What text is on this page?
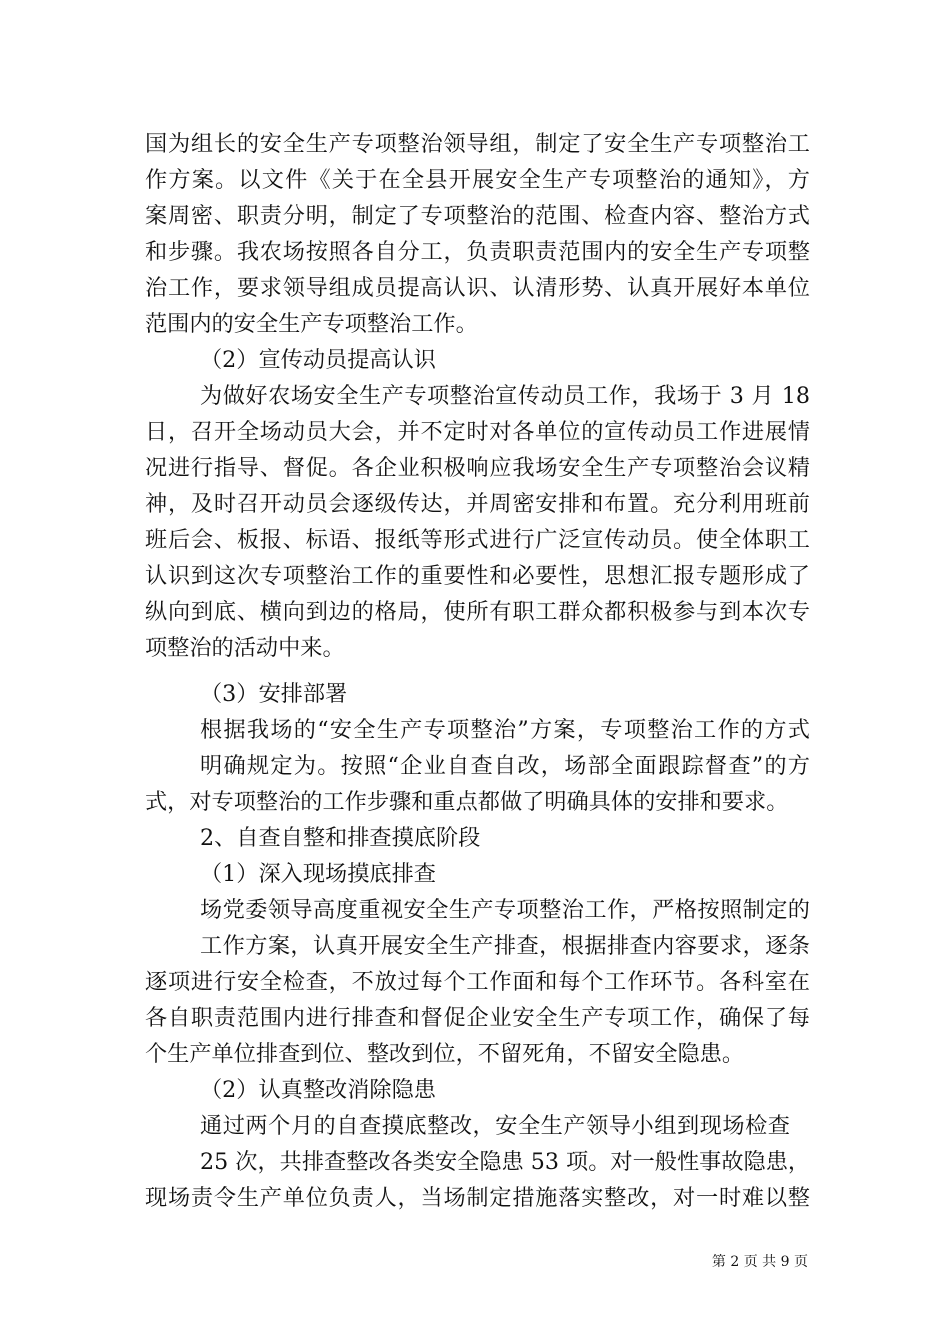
国为组长的安全生产专项整治领导组，制定了安全生产专项整治工
作方案。以文件《关于在全县开展安全生产专项整治的通知》，方
案周密、职责分明，制定了专项整治的范围、检查内容、整治方式
和步骤。我农场按照各自分工，负责职责范围内的安全生产专项整
治工作，要求领导组成员提高认识、认清形势、认真开展好本单位
范围内的安全生产专项整治工作。
（2）宣传动员提高认识
为做好农场安全生产专项整治宣传动员工作，我场于 3 月 18
日，召开全场动员大会，并不定时对各单位的宣传动员工作进展情
况进行指导、督促。各企业积极响应我场安全生产专项整治会议精
神，及时召开动员会逐级传达，并周密安排和布置。充分利用班前
班后会、板报、标语、报纸等形式进行广泛宣传动员。使全体职工
认识到这次专项整治工作的重要性和必要性，思想汇报专题形成了
纵向到底、横向到边的格局，使所有职工群众都积极参与到本次专
项整治的活动中来。
（3）安排部署
根据我场的“安全生产专项整治”方案，专项整治工作的方式
明确规定为。按照“企业自查自改，场部全面跟踪督查”的方
式，对专项整治的工作步骤和重点都做了明确具体的安排和要求。
2、自查自整和排查摸底阶段
（1）深入现场摸底排查
场党委领导高度重视安全生产专项整治工作，严格按照制定的
工作方案，认真开展安全生产排查，根据排查内容要求，逐条
逐项进行安全检查，不放过每个工作面和每个工作环节。各科室在
各自职责范围内进行排查和督促企业安全生产专项工作，确保了每
个生产单位排查到位、整改到位，不留死角，不留安全隐患。
（2）认真整改消除隐患
通过两个月的自查摸底整改，安全生产领导小组到现场检查
25 次，共排查整改各类安全隐患 53 项。对一般性事故隐患，
现场责令生产单位负责人，当场制定措施落实整改，对一时难以整
第 2 页 共 9 页
